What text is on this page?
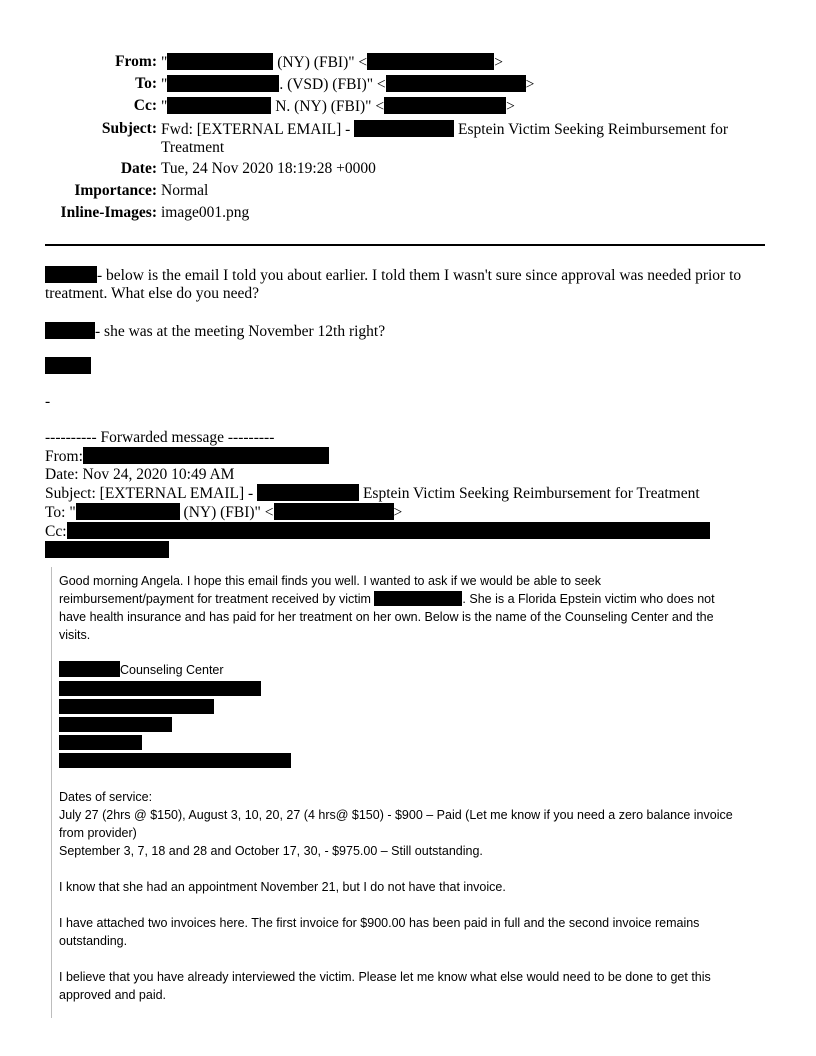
From: "	(NY) (FBI)" <	>
To: "	. (VSD) (FBI)" <	>
Cc: "	N. (NY) (FBI)" <	>
Subject: Fwd: [EXTERNAL EMAIL] -	Esptein Victim Seeking Reimbursement for
Treatment
Date: Tue, 24 Nov 2020 18:19:28 +0000
Importance: Normal
Inline-Images: image001.png
- below is the email I told you about earlier. I told them I wasn't sure since approval was needed prior to
treatment. What else do you need?
- she was at the meeting November 12th right?
-
---------- Forwarded message ---------
From:
Date: Nov 24, 2020 10:49 AM
Subject: [EXTERNAL EMAIL] -	Esptein Victim Seeking Reimbursement for Treatment
To: "	(NY) (FBI)" <	>
Cc:
Good morning Angela. I hope this email finds you well. I wanted to ask if we would be able to seek
reimbursement/payment for treatment received by victim	. She is a Florida Epstein victim who does not
have health insurance and has paid for her treatment on her own. Below is the name of the Counseling Center and the
visits.
Counseling Center
Dates of service:
July 27 (2hrs @ $150), August 3, 10, 20, 27 (4 hrs@ $150) - $900 – Paid (Let me know if you need a zero balance invoice
from provider)
September 3, 7, 18 and 28 and October 17, 30, - $975.00 – Still outstanding.
I know that she had an appointment November 21, but I do not have that invoice.
I have attached two invoices here. The first invoice for $900.00 has been paid in full and the second invoice remains
outstanding.
I believe that you have already interviewed the victim. Please let me know what else would need to be done to get this
approved and paid.
